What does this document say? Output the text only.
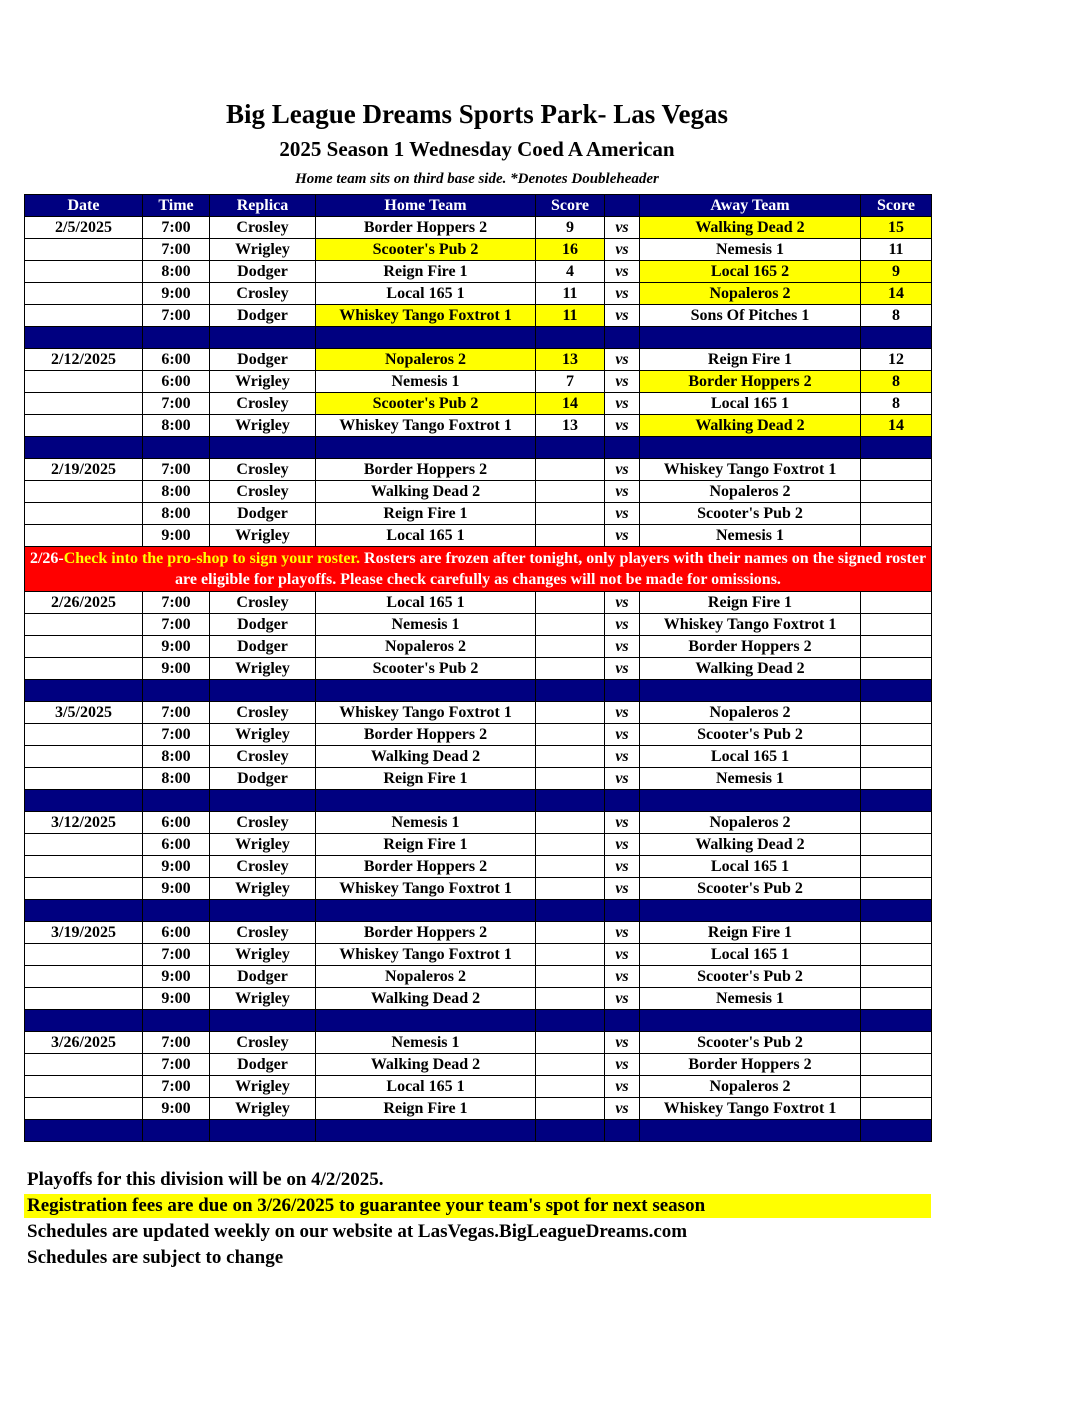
Big League Dreams Sports Park- Las Vegas
2025 Season 1 Wednesday Coed A American
Home team sits on third base side. *Denotes Doubleheader
Date	Time	Replica	Home Team	Score		Away Team	Score
2/5/2025	7:00	Crosley	Border Hoppers 2	9	vs	Walking Dead 2	15
	7:00	Wrigley	Scooter's Pub 2	16	vs	Nemesis 1	11
	8:00	Dodger	Reign Fire 1	4	vs	Local 165 2	9
	9:00	Crosley	Local 165 1	11	vs	Nopaleros 2	14
	7:00	Dodger	Whiskey Tango Foxtrot 1	11	vs	Sons Of Pitches 1	8

2/12/2025	6:00	Dodger	Nopaleros 2	13	vs	Reign Fire 1	12
	6:00	Wrigley	Nemesis 1	7	vs	Border Hoppers 2	8
	7:00	Crosley	Scooter's Pub 2	14	vs	Local 165 1	8
	8:00	Wrigley	Whiskey Tango Foxtrot 1	13	vs	Walking Dead 2	14

2/19/2025	7:00	Crosley	Border Hoppers 2		vs	Whiskey Tango Foxtrot 1	
	8:00	Crosley	Walking Dead 2		vs	Nopaleros 2	
	8:00	Dodger	Reign Fire 1		vs	Scooter's Pub 2	
	9:00	Wrigley	Local 165 1		vs	Nemesis 1	
2/26-Check into the pro-shop to sign your roster. Rosters are frozen after tonight, only players with their names on the signed roster are eligible for playoffs. Please check carefully as changes will not be made for omissions.							
2/26/2025	7:00	Crosley	Local 165 1		vs	Reign Fire 1	
	7:00	Dodger	Nemesis 1		vs	Whiskey Tango Foxtrot 1	
	9:00	Dodger	Nopaleros 2		vs	Border Hoppers 2	
	9:00	Wrigley	Scooter's Pub 2		vs	Walking Dead 2	

3/5/2025	7:00	Crosley	Whiskey Tango Foxtrot 1		vs	Nopaleros 2	
	7:00	Wrigley	Border Hoppers 2		vs	Scooter's Pub 2	
	8:00	Crosley	Walking Dead 2		vs	Local 165 1	
	8:00	Dodger	Reign Fire 1		vs	Nemesis 1	

3/12/2025	6:00	Crosley	Nemesis 1		vs	Nopaleros 2	
	6:00	Wrigley	Reign Fire 1		vs	Walking Dead 2	
	9:00	Crosley	Border Hoppers 2		vs	Local 165 1	
	9:00	Wrigley	Whiskey Tango Foxtrot 1		vs	Scooter's Pub 2	

3/19/2025	6:00	Crosley	Border Hoppers 2		vs	Reign Fire 1	
	7:00	Wrigley	Whiskey Tango Foxtrot 1		vs	Local 165 1	
	9:00	Dodger	Nopaleros 2		vs	Scooter's Pub 2	
	9:00	Wrigley	Walking Dead 2		vs	Nemesis 1	

3/26/2025	7:00	Crosley	Nemesis 1		vs	Scooter's Pub 2	
	7:00	Dodger	Walking Dead 2		vs	Border Hoppers 2	
	7:00	Wrigley	Local 165 1		vs	Nopaleros 2	
	9:00	Wrigley	Reign Fire 1		vs	Whiskey Tango Foxtrot 1	

Playoffs for this division will be on 4/2/2025.
Registration fees are due on 3/26/2025 to guarantee your team's spot for next season
Schedules are updated weekly on our website at LasVegas.BigLeagueDreams.com
Schedules are subject to change
